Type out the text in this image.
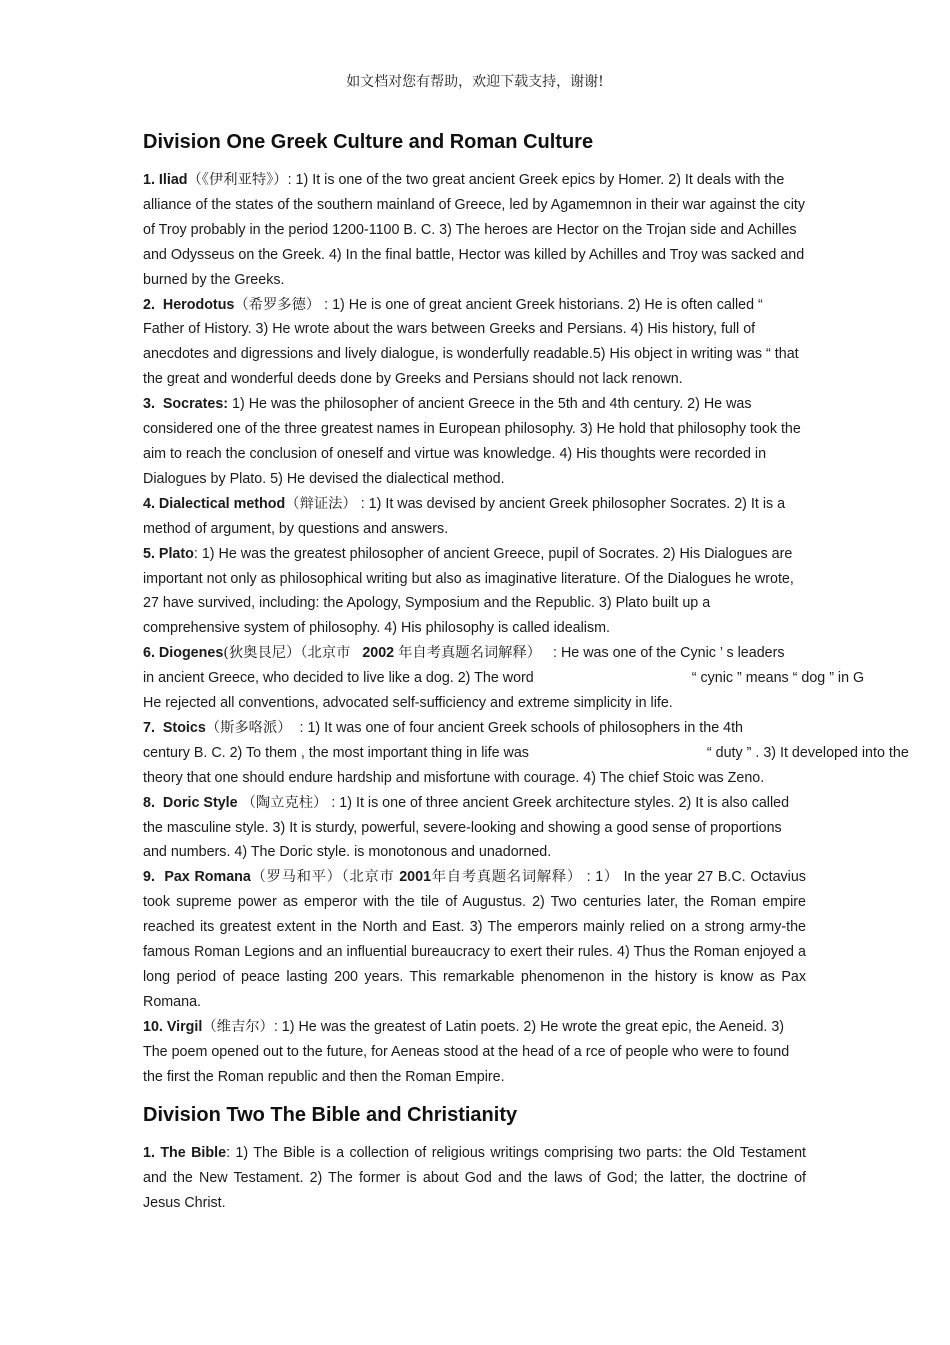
如文档对您有帮助，欢迎下载支持，谢谢!
Division One Greek Culture and Roman Culture

1. Iliad（《伊利亚特》）: 1) It is one of the two great ancient Greek epics by Homer. 2) It deals with the alliance of the states of the southern mainland of Greece, led by Agamemnon in their war against the city of Troy probably in the period 1200-1100 B. C. 3) The heroes are Hector on the Trojan side and Achilles and Odysseus on the Greek. 4) In the final battle, Hector was killed by Achilles and Troy was sacked and burned by the Greeks.

2. Herodotus（希罗多德） : 1) He is one of great ancient Greek historians. 2) He is often called “ Father of History. 3) He wrote about the wars between Greeks and Persians. 4) His history, full of anecdotes and digressions and lively dialogue, is wonderfully readable.5) His object in writing was “ that the great and wonderful deeds done by Greeks and Persians should not lack renown.

3. Socrates: 1) He was the philosopher of ancient Greece in the 5th and 4th century. 2) He was considered one of the three greatest names in European philosophy. 3) He hold that philosophy took the aim to reach the conclusion of oneself and virtue was knowledge. 4) His thoughts were recorded in Dialogues by Plato. 5) He devised the dialectical method.

4. Dialectical method（辩证法） : 1) It was devised by ancient Greek philosopher Socrates. 2) It is a method of argument, by questions and answers.

5. Plato: 1) He was the greatest philosopher of ancient Greece, pupil of Socrates. 2) His Dialogues are important not only as philosophical writing but also as imaginative literature. Of the Dialogues he wrote, 27 have survived, including: the Apology, Symposium and the Republic. 3) Plato built up a comprehensive system of philosophy. 4) His philosophy is called idealism.

6. Diogenes(狄奥艮尼）（北京市 2002 年自考真题名词解释） : He was one of the Cynic ’ s leaders
in ancient Greece, who decided to live like a dog. 2) The word	“ cynic ” means “ dog ” in G
He rejected all conventions, advocated self-sufficiency and extreme simplicity in life.

7. Stoics（斯多咯派） : 1) It was one of four ancient Greek schools of philosophers in the 4th
century B. C. 2) To them , the most important thing in life was	“ duty ” . 3) It developed into the
theory that one should endure hardship and misfortune with courage. 4) The chief Stoic was Zeno.

8. Doric Style （陶立克柱） : 1) It is one of three ancient Greek architecture styles. 2) It is also called the masculine style. 3) It is sturdy, powerful, severe-looking and showing a good sense of proportions and numbers. 4) The Doric style. is monotonous and unadorned.

9. Pax Romana（罗马和平）（北京市 2001年自考真题名词解释） : 1） In the year 27 B.C. Octavius took supreme power as emperor with the tile of Augustus. 2) Two centuries later, the Roman empire reached its greatest extent in the North and East. 3) The emperors mainly relied on a strong army-the famous Roman Legions and an influential bureaucracy to exert their rules. 4) Thus the Roman enjoyed a long period of peace lasting 200 years. This remarkable phenomenon in the history is know as Pax Romana.

10. Virgil（维吉尔）: 1) He was the greatest of Latin poets. 2) He wrote the great epic, the Aeneid. 3) The poem opened out to the future, for Aeneas stood at the head of a rce of people who were to found the first the Roman republic and then the Roman Empire.

Division Two The Bible and Christianity

1. The Bible: 1) The Bible is a collection of religious writings comprising two parts: the Old Testament and the New Testament. 2) The former is about God and the laws of God; the latter, the doctrine of Jesus Christ.
